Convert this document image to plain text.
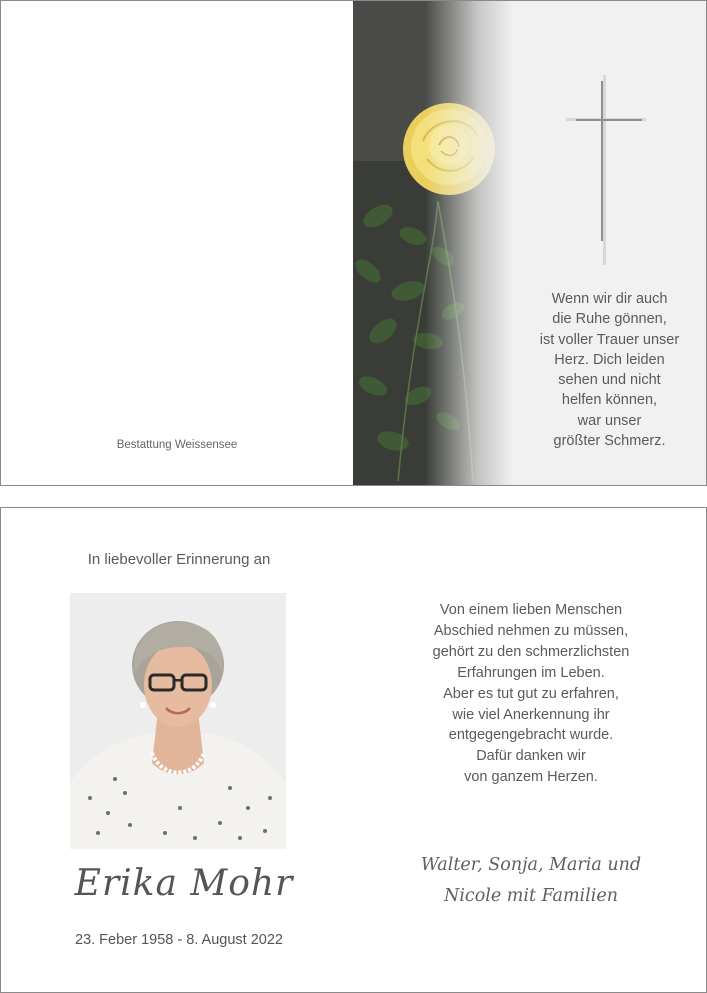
Bestattung Weissensee
Wenn wir dir auch
die Ruhe gönnen,
ist voller Trauer unser
Herz. Dich leiden
sehen und nicht
helfen können,
war unser
größter Schmerz.
In liebevoller Erinnerung an
Erika Mohr
23. Feber 1958 - 8. August 2022
Von einem lieben Menschen
Abschied nehmen zu müssen,
gehört zu den schmerzlichsten
Erfahrungen im Leben.
Aber es tut gut zu erfahren,
wie viel Anerkennung ihr
entgegengebracht wurde.
Dafür danken wir
von ganzem Herzen.
Walter, Sonja, Maria und
Nicole mit Familien
